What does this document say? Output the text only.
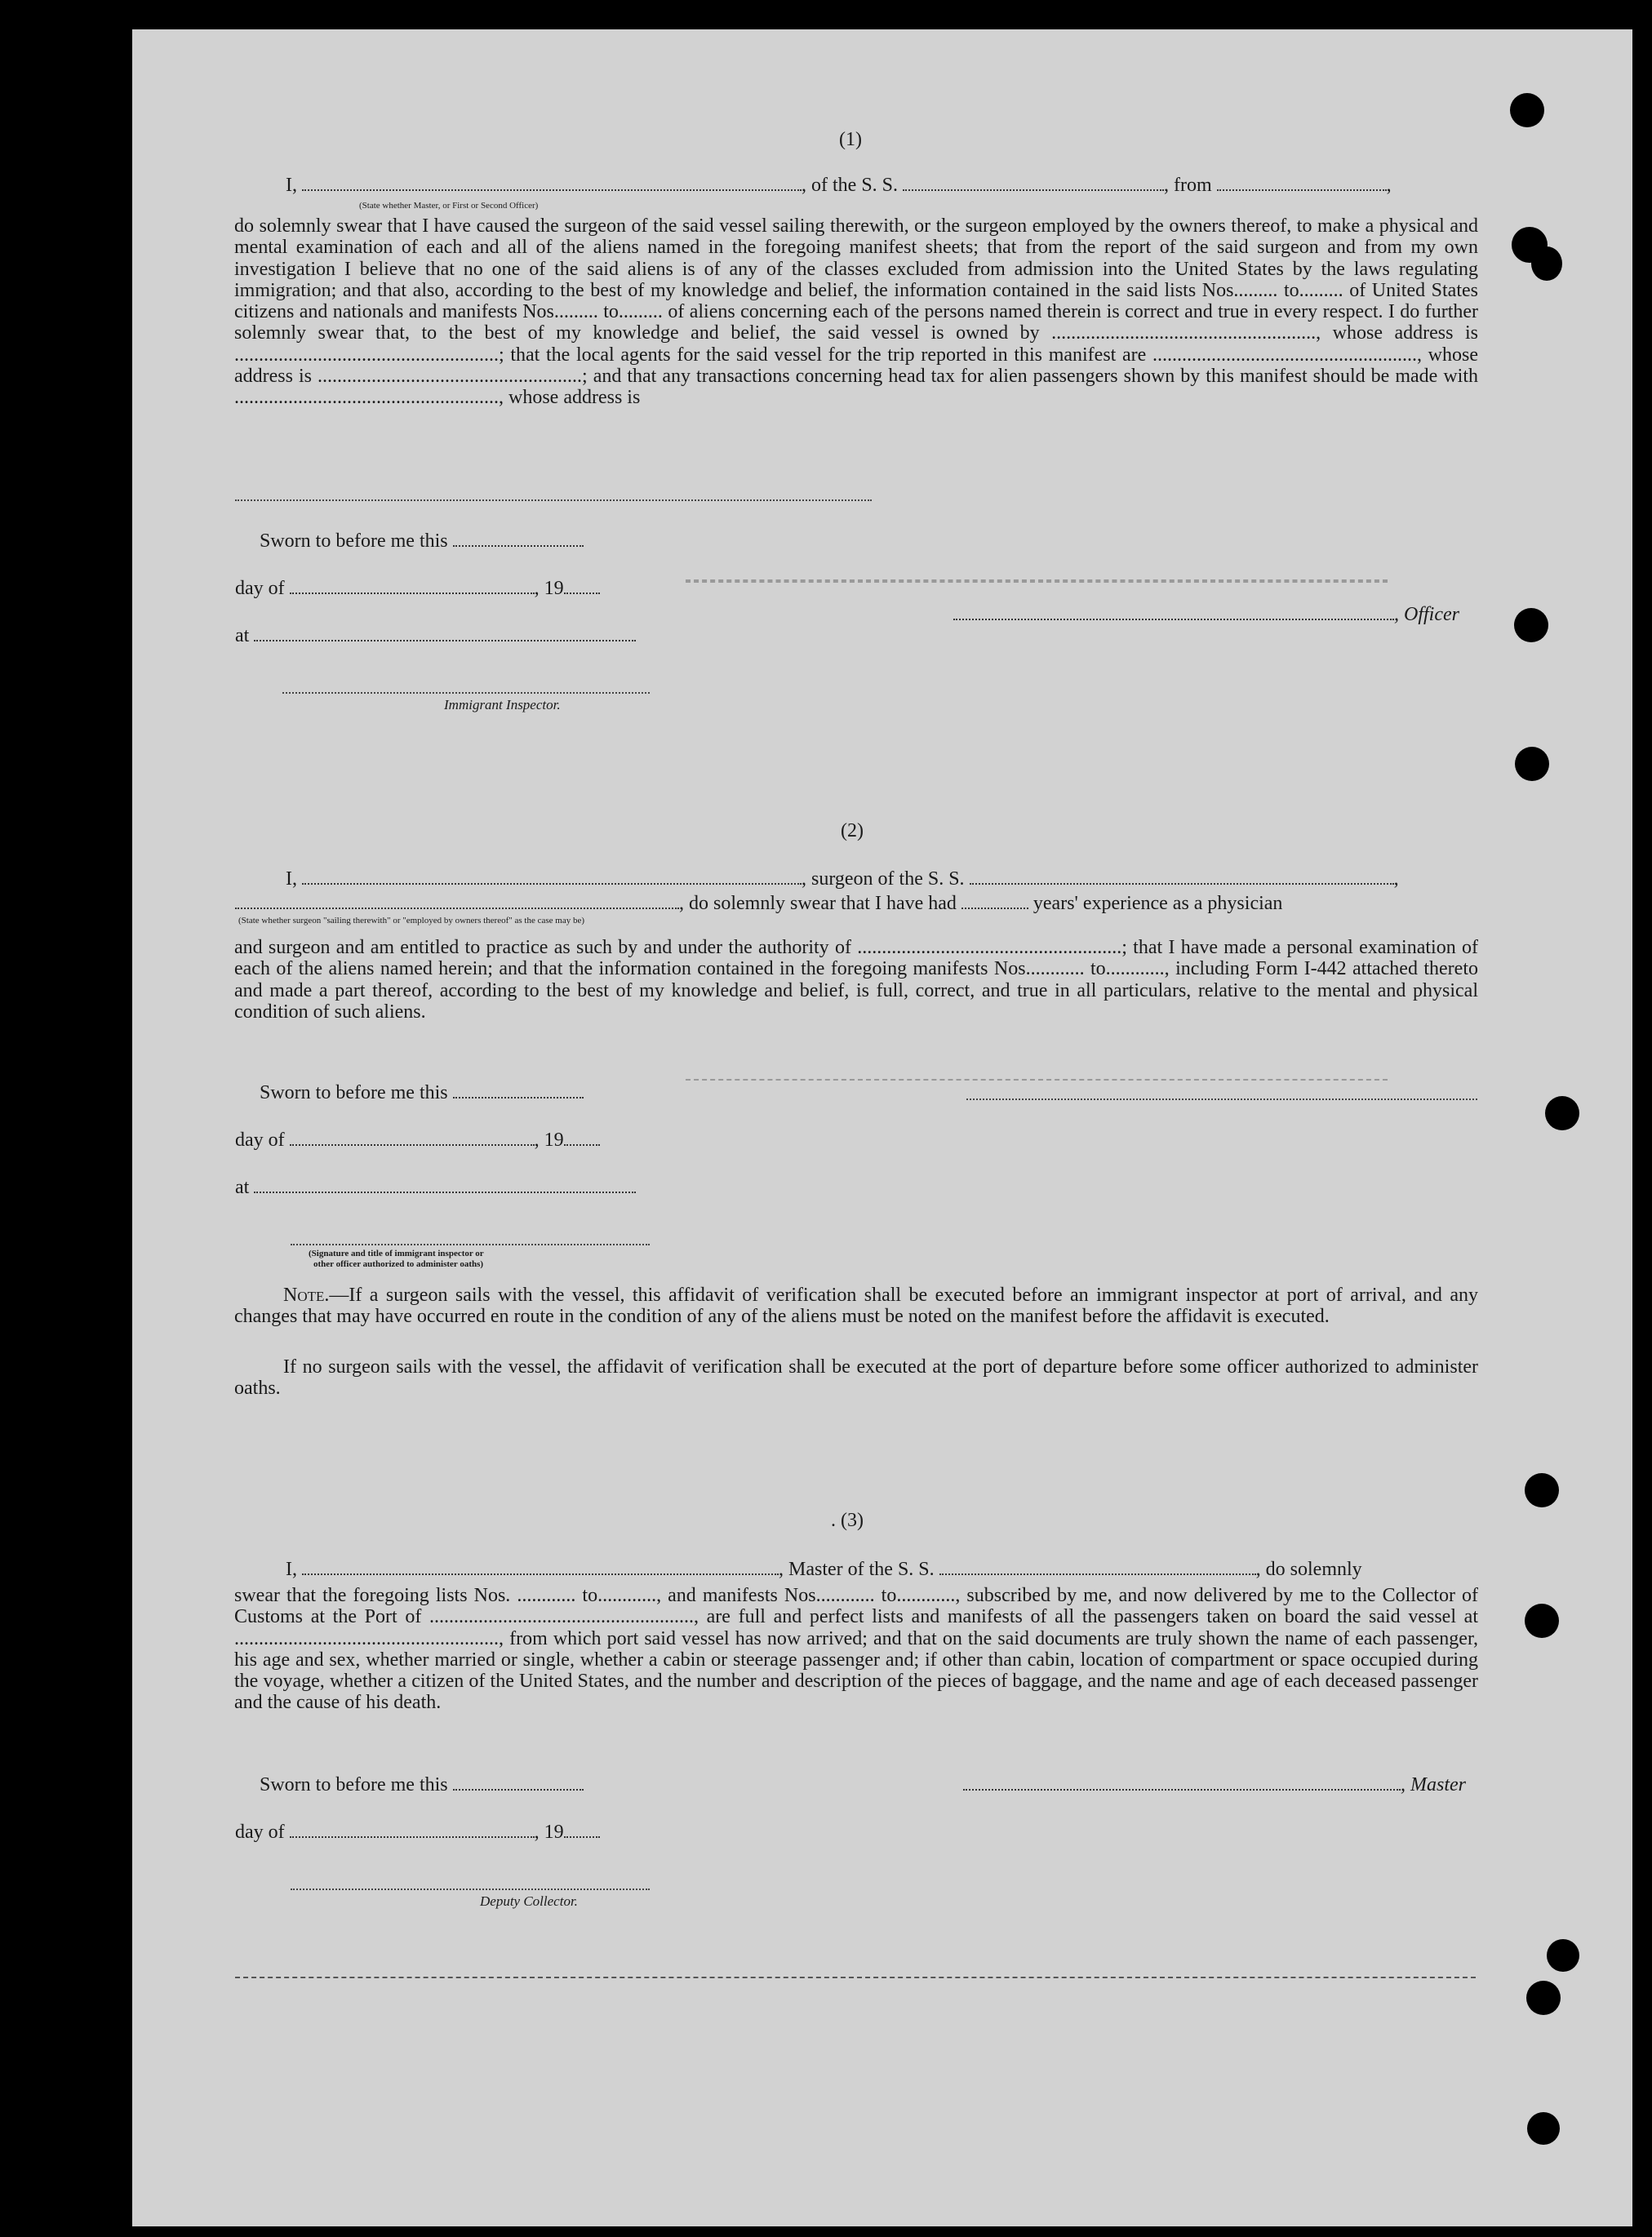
(1)
I,	, of the S. S.	, from	,
(State whether Master, or First or Second Officer)
do solemnly swear that I have caused the surgeon of the said vessel sailing therewith, or the surgeon employed by the owners thereof, to make a physical and mental examination of each and all of the aliens named in the foregoing manifest sheets; that from the report of the said surgeon and from my own investigation I believe that no one of the said aliens is of any of the classes excluded from admission into the United States by the laws regulating immigration; and that also, according to the best of my knowledge and belief, the information contained in the said lists Nos......... to......... of United States citizens and nationals and manifests Nos......... to......... of aliens concerning each of the persons named therein is correct and true in every respect. I do further solemnly swear that, to the best of my knowledge and belief, the said vessel is owned by ......................................................, whose address is ......................................................; that the local agents for the said vessel for the trip reported in this manifest are ......................................................, whose address is ......................................................; and that any transactions concerning head tax for alien passengers shown by this manifest should be made with ......................................................, whose address is
Sworn to before me this
day of	, 19
at
, Officer
Immigrant Inspector.
(2)
I,	, surgeon of the S. S.	,
, do solemnly swear that I have had	years' experience as a physician
(State whether surgeon "sailing therewith" or "employed by owners thereof" as the case may be)
and surgeon and am entitled to practice as such by and under the authority of ......................................................; that I have made a personal examination of each of the aliens named herein; and that the information contained in the foregoing manifests Nos............ to............, including Form I-442 attached thereto and made a part thereof, according to the best of my knowledge and belief, is full, correct, and true in all particulars, relative to the mental and physical condition of such aliens.
Sworn to before me this
day of	, 19
at
(Signature and title of immigrant inspector or
other officer authorized to administer oaths)
Note.—If a surgeon sails with the vessel, this affidavit of verification shall be executed before an immigrant inspector at port of arrival, and any changes that may have occurred en route in the condition of any of the aliens must be noted on the manifest before the affidavit is executed.
If no surgeon sails with the vessel, the affidavit of verification shall be executed at the port of departure before some officer authorized to administer oaths.
. (3)
I,	, Master of the S. S.	, do solemnly
swear that the foregoing lists Nos. ............ to............, and manifests Nos............ to............, subscribed by me, and now delivered by me to the Collector of Customs at the Port of ......................................................, are full and perfect lists and manifests of all the passengers taken on board the said vessel at ......................................................, from which port said vessel has now arrived; and that on the said documents are truly shown the name of each passenger, his age and sex, whether married or single, whether a cabin or steerage passenger and; if other than cabin, location of compartment or space occupied during the voyage, whether a citizen of the United States, and the number and description of the pieces of baggage, and the name and age of each deceased passenger and the cause of his death.
Sworn to before me this	, Master
day of	, 19
Deputy Collector.
